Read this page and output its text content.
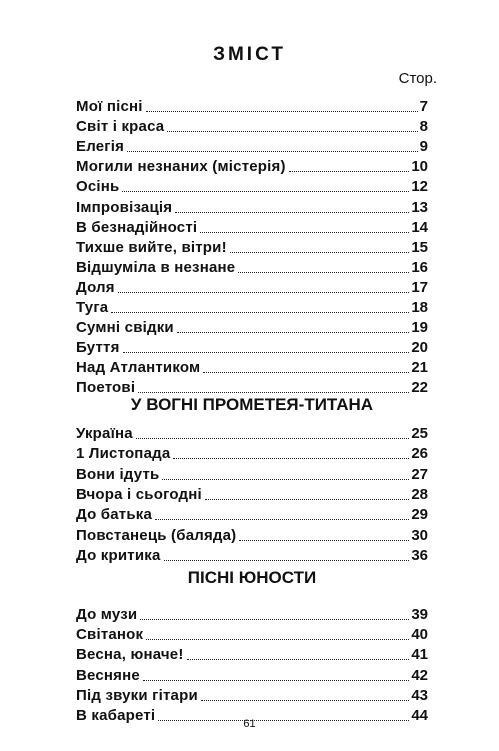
ЗМІСТ
Стор.
Мої пісні	7
Світ і краса	8
Елегія	9
Могили незнаних (містерія)	10
Осінь	12
Імпровізація	13
В безнадійності	14
Тихше вийте, вітри!	15
Відшуміла в незнане	16
Доля	17
Туга	18
Сумні свідки	19
Буття	20
Над Атлантиком	21
Поетові	22
У ВОГНІ ПРОМЕТЕЯ-ТИТАНА
Україна	25
1 Листопада	26
Вони ідуть	27
Вчора і сьогодні	28
До батька	29
Повстанець (баляда)	30
До критика	36
ПІСНІ ЮНОСТИ
До музи	39
Світанок	40
Весна, юначе!	41
Весняне	42
Під звуки гітари	43
В кабареті	44
61
